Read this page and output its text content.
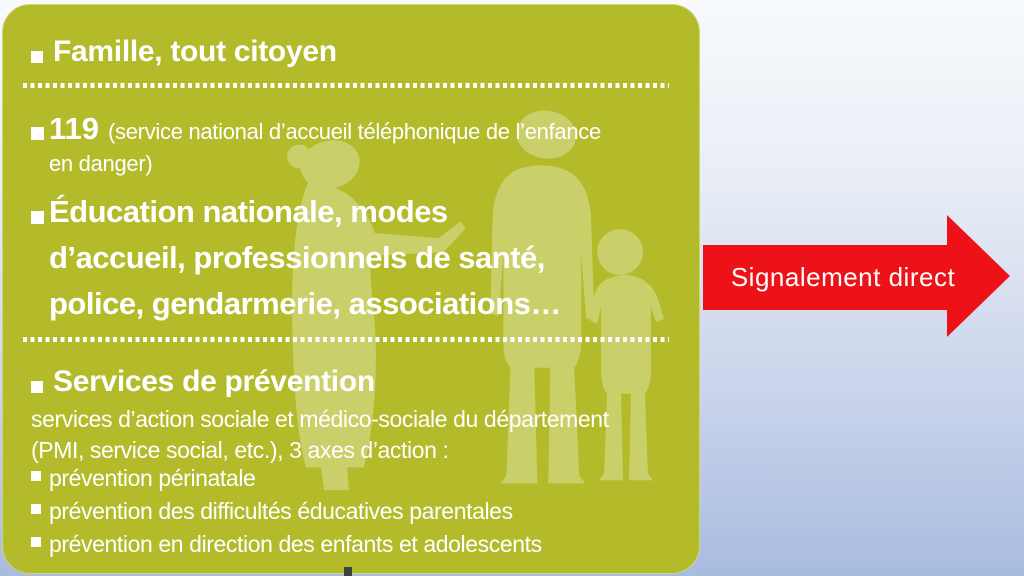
Famille, tout citoyen
119 (service national d’accueil téléphonique de l’enfance
en danger)
Éducation nationale, modes
d’accueil, professionnels de santé,
police, gendarmerie, associations…
Services de prévention
services d’action sociale et médico-sociale du département
(PMI, service social, etc.), 3 axes d’action :
prévention périnatale
prévention des difficultés éducatives parentales
prévention en direction des enfants et adolescents
Signalement direct
